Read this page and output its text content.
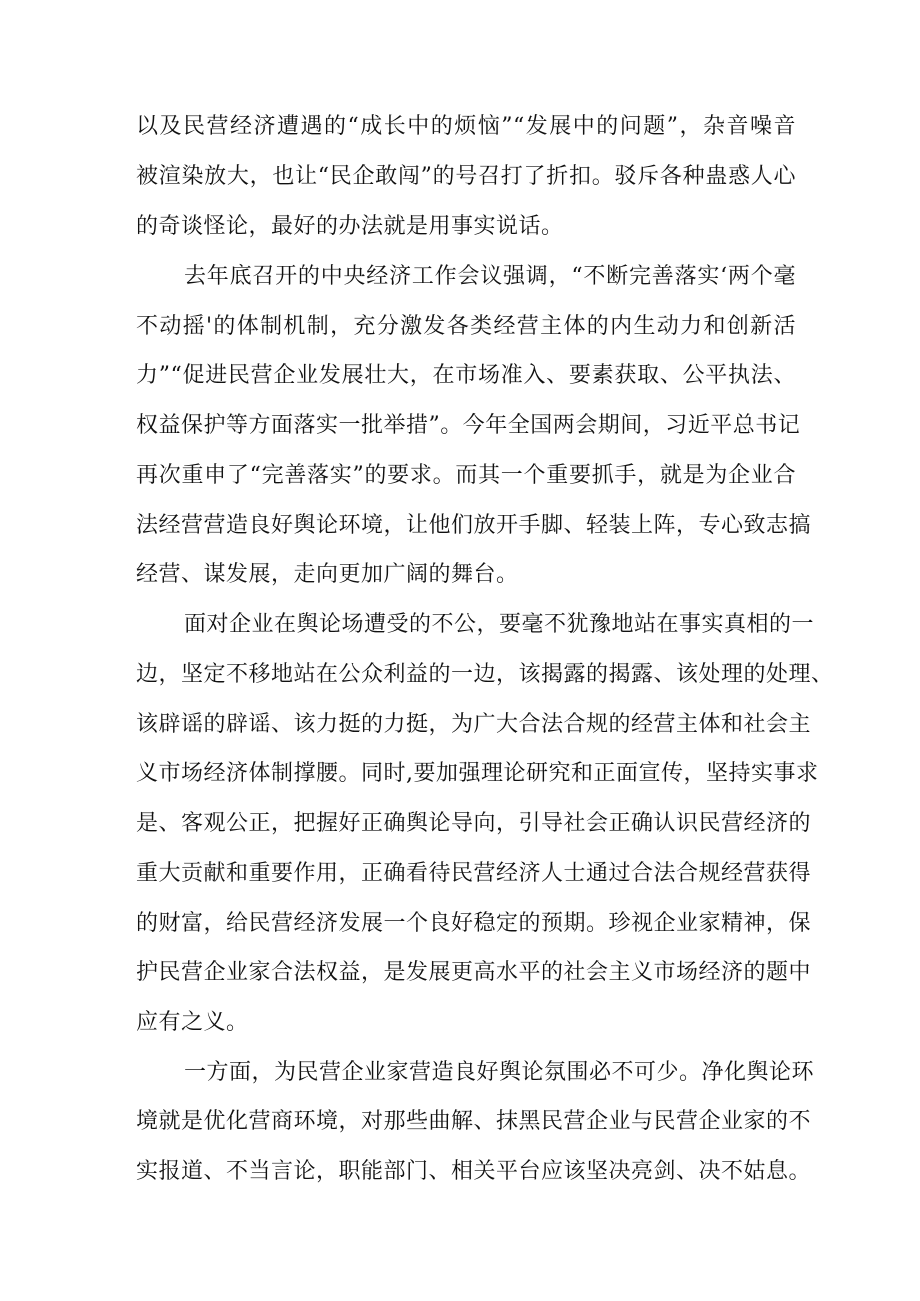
以及民营经济遭遇的“成长中的烦恼”“发展中的问题”，杂音噪音
被渲染放大，也让“民企敢闯”的号召打了折扣。驳斥各种蛊惑人心
的奇谈怪论，最好的办法就是用事实说话。
去年底召开的中央经济工作会议强调，“不断完善落实‘两个毫
不动摇'的体制机制，充分激发各类经营主体的内生动力和创新活
力”“促进民营企业发展壮大，在市场准入、要素获取、公平执法、
权益保护等方面落实一批举措”。今年全国两会期间，习近平总书记
再次重申了“完善落实”的要求。而其一个重要抓手，就是为企业合
法经营营造良好舆论环境，让他们放开手脚、轻装上阵，专心致志搞
经营、谋发展，走向更加广阔的舞台。
面对企业在舆论场遭受的不公，要毫不犹豫地站在事实真相的一
边，坚定不移地站在公众利益的一边，该揭露的揭露、该处理的处理、
该辟谣的辟谣、该力挺的力挺，为广大合法合规的经营主体和社会主
义市场经济体制撑腰。同时,要加强理论研究和正面宣传，坚持实事求
是、客观公正，把握好正确舆论导向，引导社会正确认识民营经济的
重大贡献和重要作用，正确看待民营经济人士通过合法合规经营获得
的财富，给民营经济发展一个良好稳定的预期。珍视企业家精神，保
护民营企业家合法权益，是发展更高水平的社会主义市场经济的题中
应有之义。
一方面，为民营企业家营造良好舆论氛围必不可少。净化舆论环
境就是优化营商环境，对那些曲解、抹黑民营企业与民营企业家的不
实报道、不当言论，职能部门、相关平台应该坚决亮剑、决不姑息。
